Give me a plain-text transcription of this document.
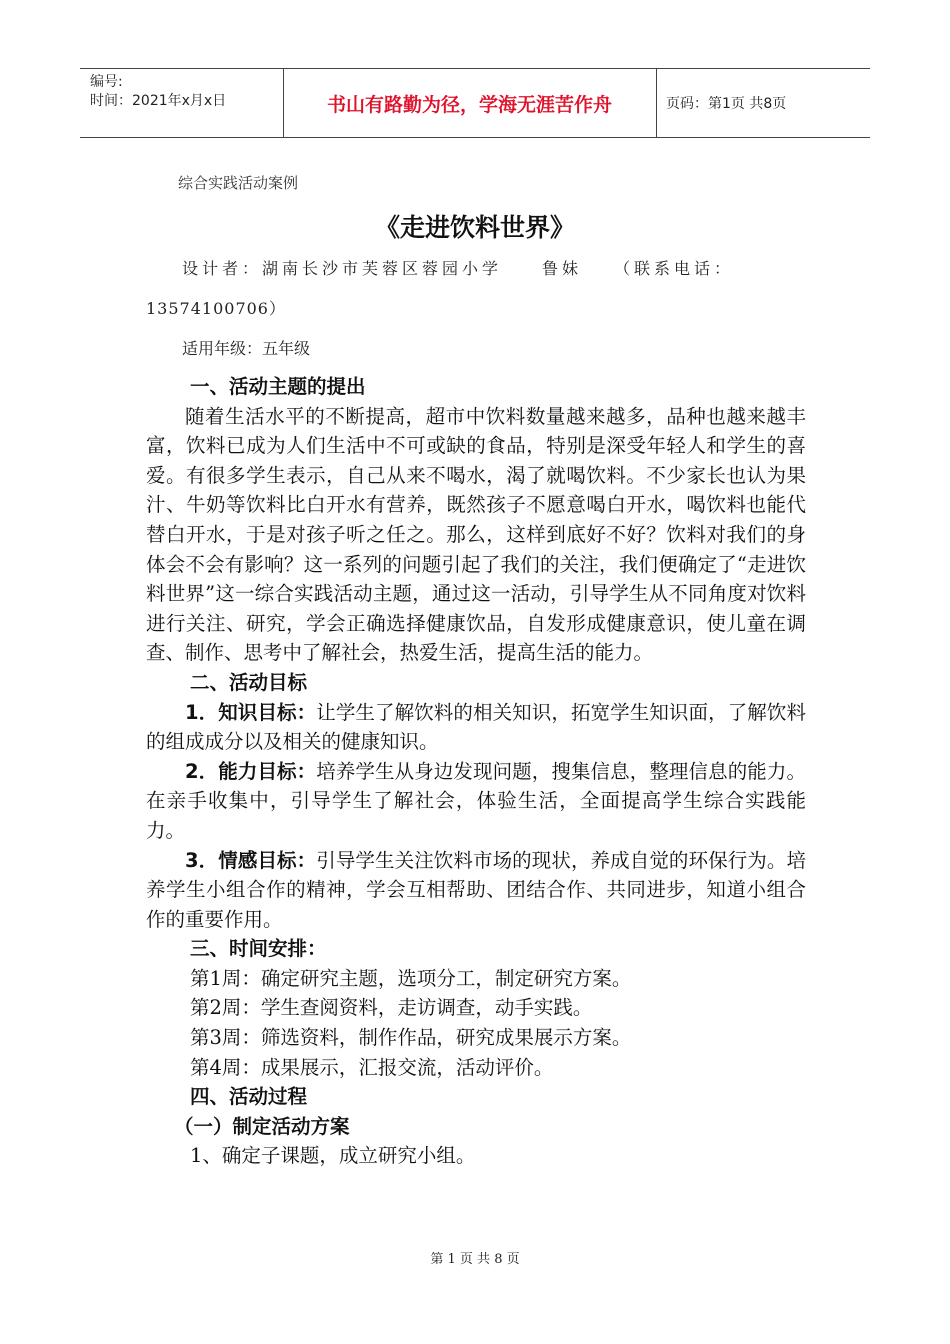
编号:
时间：2021年x月x日	书山有路勤为径，学海无涯苦作舟	页码：第1页 共8页
综合实践活动案例
《走进饮料世界》
设计者：湖南长沙市芙蓉区蓉园小学　　鲁妹　　（联系电话：
13574100706）
适用年级：五年级

一、活动主题的提出

随着生活水平的不断提高，超市中饮料数量越来越多，品种也越来越丰富，饮料已成为人们生活中不可或缺的食品，特别是深受年轻人和学生的喜爱。有很多学生表示，自己从来不喝水，渴了就喝饮料。不少家长也认为果汁、牛奶等饮料比白开水有营养，既然孩子不愿意喝白开水，喝饮料也能代替白开水，于是对孩子听之任之。那么，这样到底好不好？饮料对我们的身体会不会有影响？这一系列的问题引起了我们的关注，我们便确定了“走进饮料世界”这一综合实践活动主题，通过这一活动，引导学生从不同角度对饮料进行关注、研究，学会正确选择健康饮品，自发形成健康意识，使儿童在调查、制作、思考中了解社会，热爱生活，提高生活的能力。

二、活动目标

1．知识目标：让学生了解饮料的相关知识，拓宽学生知识面，了解饮料的组成成分以及相关的健康知识。

2．能力目标：培养学生从身边发现问题，搜集信息，整理信息的能力。在亲手收集中，引导学生了解社会，体验生活，全面提高学生综合实践能力。

3．情感目标：引导学生关注饮料市场的现状，养成自觉的环保行为。培养学生小组合作的精神，学会互相帮助、团结合作、共同进步，知道小组合作的重要作用。

三、时间安排：

第1周：确定研究主题，选项分工，制定研究方案。

第2周：学生查阅资料，走访调查，动手实践。

第3周：筛选资料，制作作品，研究成果展示方案。

第4周：成果展示，汇报交流，活动评价。

四、活动过程

（一）制定活动方案

1、确定子课题，成立研究小组。

第 1 页 共 8 页
